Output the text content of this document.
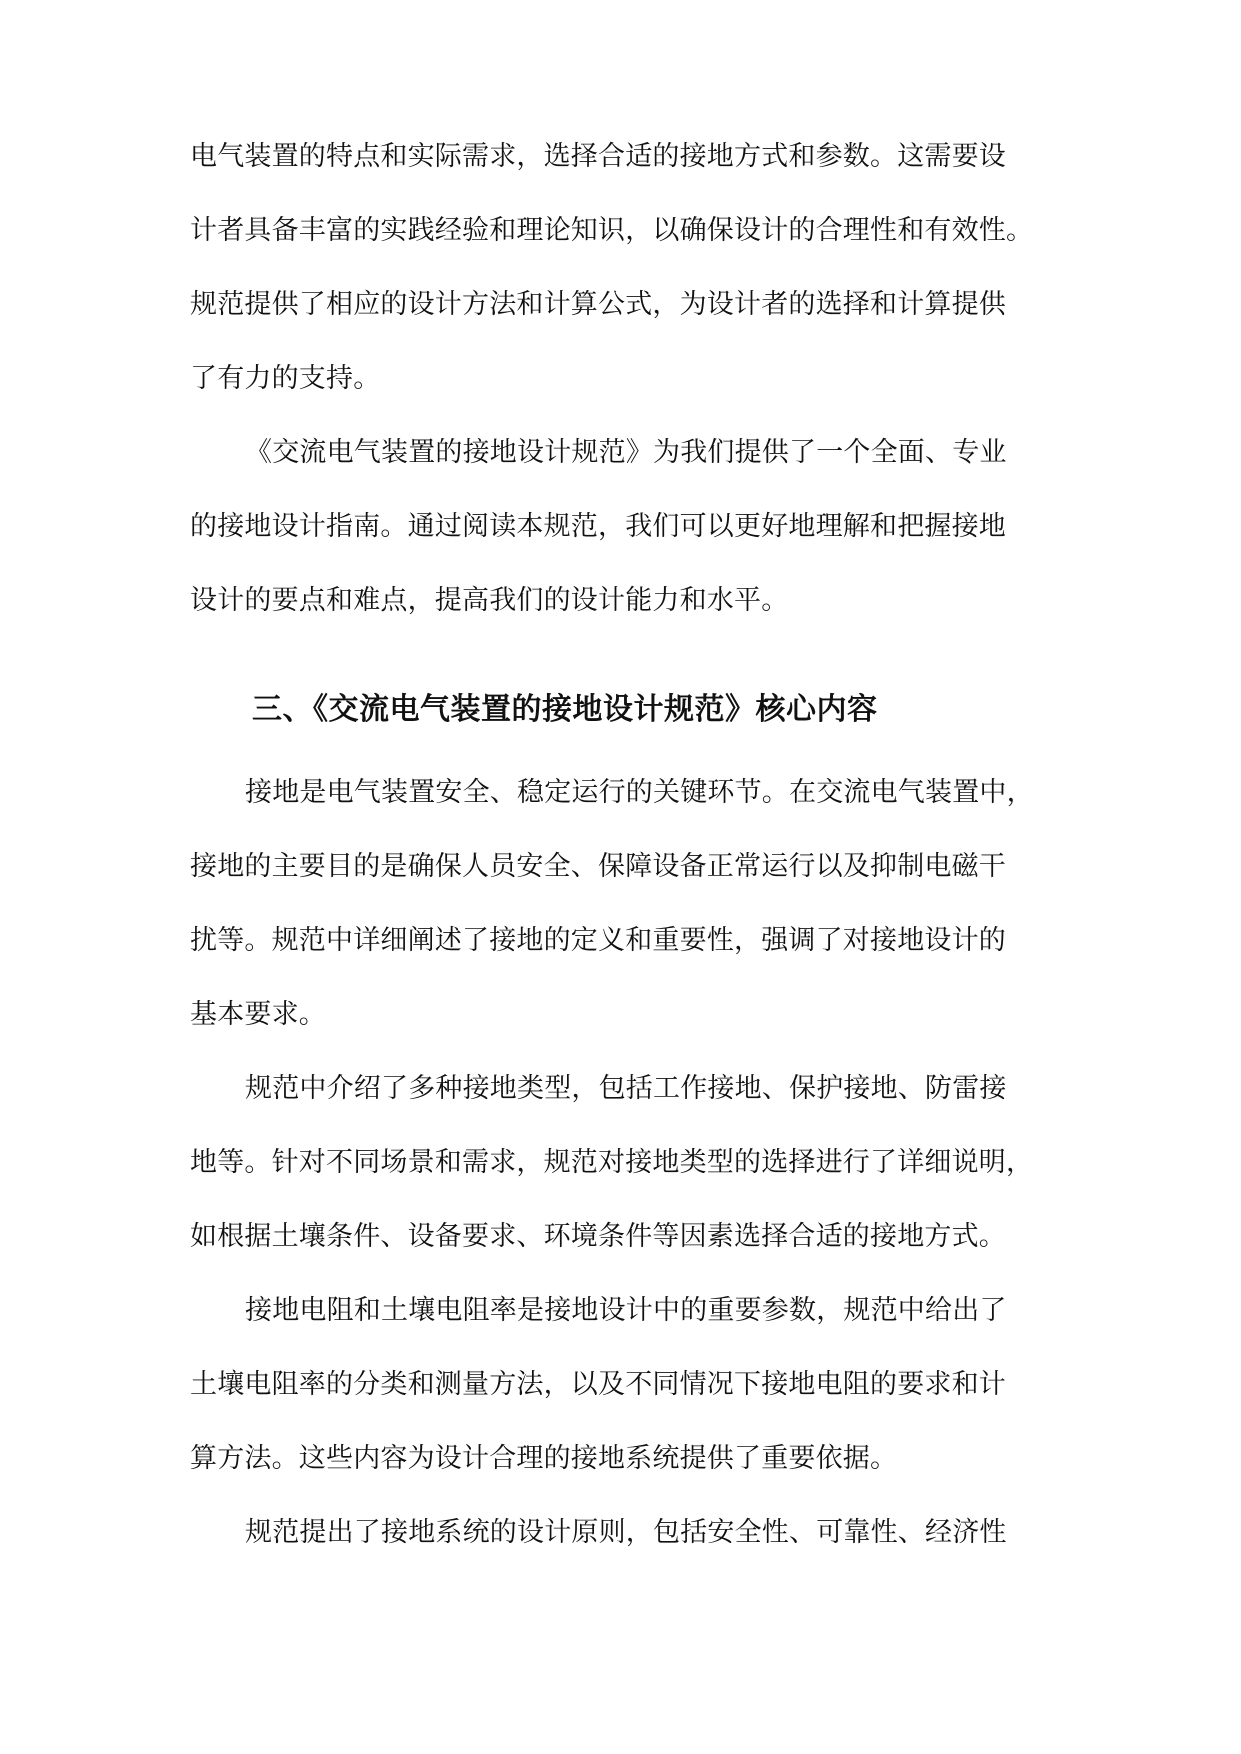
电气装置的特点和实际需求，选择合适的接地方式和参数。这需要设
计者具备丰富的实践经验和理论知识，以确保设计的合理性和有效性。
规范提供了相应的设计方法和计算公式，为设计者的选择和计算提供
了有力的支持。
《交流电气装置的接地设计规范》为我们提供了一个全面、专业
的接地设计指南。通过阅读本规范，我们可以更好地理解和把握接地
设计的要点和难点，提高我们的设计能力和水平。
三、《交流电气装置的接地设计规范》核心内容
接地是电气装置安全、稳定运行的关键环节。在交流电气装置中，
接地的主要目的是确保人员安全、保障设备正常运行以及抑制电磁干
扰等。规范中详细阐述了接地的定义和重要性，强调了对接地设计的
基本要求。
规范中介绍了多种接地类型，包括工作接地、保护接地、防雷接
地等。针对不同场景和需求，规范对接地类型的选择进行了详细说明，
如根据土壤条件、设备要求、环境条件等因素选择合适的接地方式。
接地电阻和土壤电阻率是接地设计中的重要参数，规范中给出了
土壤电阻率的分类和测量方法，以及不同情况下接地电阻的要求和计
算方法。这些内容为设计合理的接地系统提供了重要依据。
规范提出了接地系统的设计原则，包括安全性、可靠性、经济性
